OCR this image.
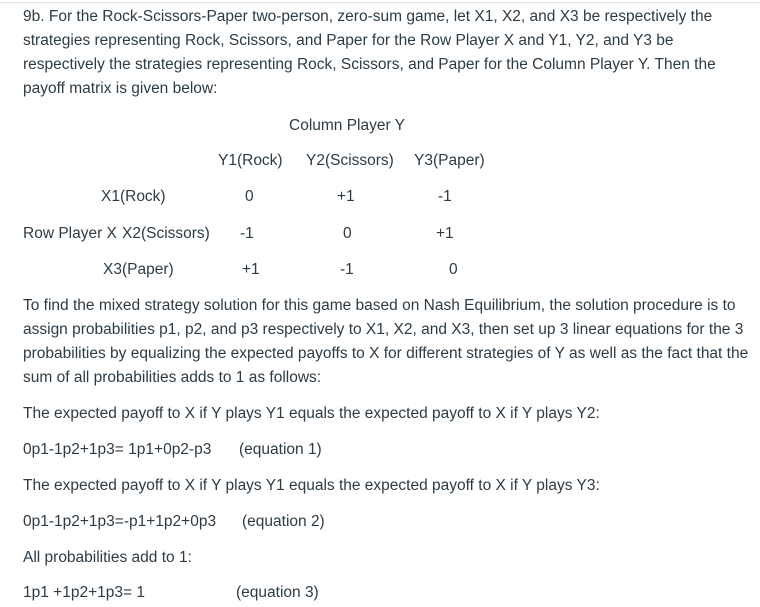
9b. For the Rock-Scissors-Paper two-person, zero-sum game, let X1, X2, and X3 be respectively the strategies representing Rock, Scissors, and Paper for the Row Player X and Y1, Y2, and Y3 be respectively the strategies representing Rock, Scissors, and Paper for the Column Player Y. Then the payoff matrix is given below:

Column Player Y
Y1(Rock) Y2(Scissors) Y3(Paper)
X1(Rock)	0	+1	-1
Row Player X X2(Scissors) -1	0	+1
X3(Paper)	+1	-1	0

To find the mixed strategy solution for this game based on Nash Equilibrium, the solution procedure is to assign probabilities p1, p2, and p3 respectively to X1, X2, and X3, then set up 3 linear equations for the 3 probabilities by equalizing the expected payoffs to X for different strategies of Y as well as the fact that the sum of all probabilities adds to 1 as follows:

The expected payoff to X if Y plays Y1 equals the expected payoff to X if Y plays Y2:
0p1-1p2+1p3= 1p1+0p2-p3 (equation 1)
The expected payoff to X if Y plays Y1 equals the expected payoff to X if Y plays Y3:
0p1-1p2+1p3=-p1+1p2+0p3 (equation 2)
All probabilities add to 1:
1p1 +1p2+1p3= 1	(equation 3)
